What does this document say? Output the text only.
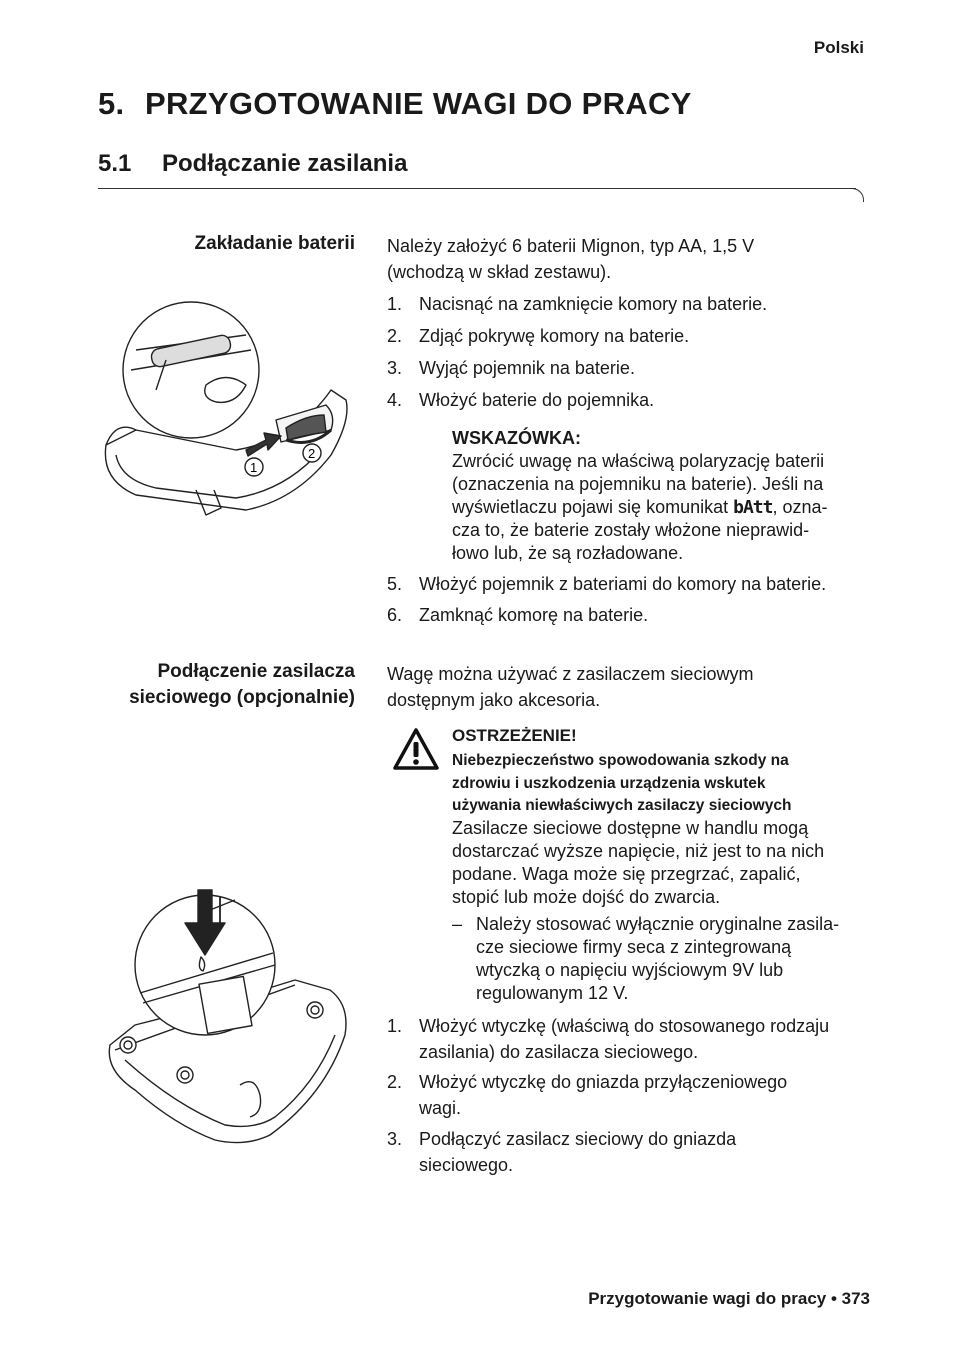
Polski
5. PRZYGOTOWANIE WAGI DO PRACY
5.1 Podłączanie zasilania
Zakładanie baterii Należy założyć 6 baterii Mignon, typ AA, 1,5 V
(wchodzą w skład zestawu).
1. Nacisnąć na zamknięcie komory na baterie.
2. Zdjąć pokrywę komory na baterie.
3. Wyjąć pojemnik na baterie.
4. Włożyć baterie do pojemnika.
5. Włożyć pojemnik z bateriami do komory na baterie.
6. Zamknąć komorę na baterie.
WSKAZÓWKA:
Zwrócić uwagę na właściwą polaryzację baterii
(oznaczenia na pojemniku na baterie). Jeśli na
wyświetlaczu pojawi się komunikat bAtt, ozna-
cza to, że baterie zostały włożone nieprawid-
łowo lub, że są rozładowane.
1
2
Podłączenie zasilacza
sieciowego (opcjonalnie)
Wagę można używać z zasilaczem sieciowym
dostępnym jako akcesoria.
OSTRZEŻENIE!
Niebezpieczeństwo spowodowania szkody na
zdrowiu i uszkodzenia urządzenia wskutek
używania niewłaściwych zasilaczy sieciowych
Zasilacze sieciowe dostępne w handlu mogą
dostarczać wyższe napięcie, niż jest to na nich
podane. Waga może się przegrzać, zapalić,
stopić lub może dojść do zwarcia.
– Należy stosować wyłącznie oryginalne zasila-
cze sieciowe firmy seca z zintegrowaną
wtyczką o napięciu wyjściowym 9V lub
regulowanym 12 V.
1. Włożyć wtyczkę (właściwą do stosowanego rodzaju
zasilania) do zasilacza sieciowego.
2. Włożyć wtyczkę do gniazda przyłączeniowego
wagi.
3. Podłączyć zasilacz sieciowy do gniazda
sieciowego.
Przygotowanie wagi do pracy • 373
